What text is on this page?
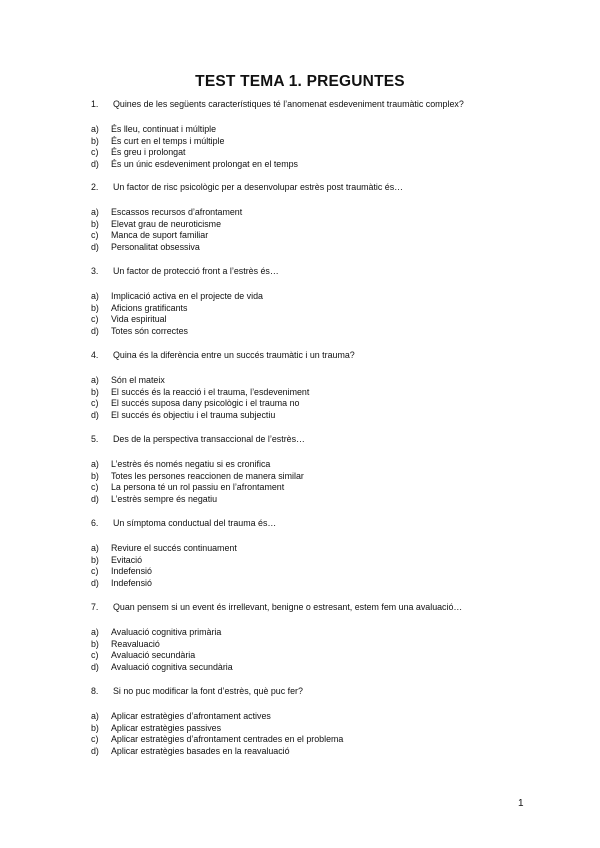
TEST TEMA 1. PREGUNTES
1.	Quines de les següents característiques té l’anomenat esdeveniment traumàtic complex?
a)	És lleu, continuat i múltiple
b)	És curt en el temps i múltiple
c)	És greu i prolongat
d)	És un únic esdeveniment prolongat en el temps
2.	Un factor de risc psicològic per a desenvolupar estrès post traumàtic és…
a)	Escassos recursos d’afrontament
b)	Elevat grau de neuroticisme
c)	Manca de suport familiar
d)	Personalitat obsessiva
3.	Un factor de protecció front a l’estrès és…
a)	Implicació activa en el projecte de vida
b)	Aficions gratificants
c)	Vida espiritual
d)	Totes són correctes
4.	Quina és la diferència entre un succés traumàtic i un trauma?
a)	Són el mateix
b)	El succés és la reacció i el trauma, l’esdeveniment
c)	El succés suposa dany psicològic i el trauma no
d)	El succés és objectiu i el trauma subjectiu
5.	Des de la perspectiva transaccional de l’estrès…
a)	L’estrès és només negatiu si es cronifica
b)	Totes les persones reaccionen de manera similar
c)	La persona té un rol passiu en l’afrontament
d)	L’estrès sempre és negatiu
6.	Un símptoma conductual del trauma és…
a)	Reviure el succés continuament
b)	Evitació
c)	Indefensió
d)	Indefensió
7.	Quan pensem si un event és irrellevant, benigne o estresant, estem fem una avaluació…
a)	Avaluació cognitiva primària
b)	Reavaluació
c)	Avaluació secundària
d)	Avaluació cognitiva secundària
8.	Si no puc modificar la font d’estrès, què puc fer?
a)	Aplicar estratègies d’afrontament actives
b)	Aplicar estratègies passives
c)	Aplicar estratègies d’afrontament centrades en el problema
d)	Aplicar estratègies basades en la reavaluació
1
